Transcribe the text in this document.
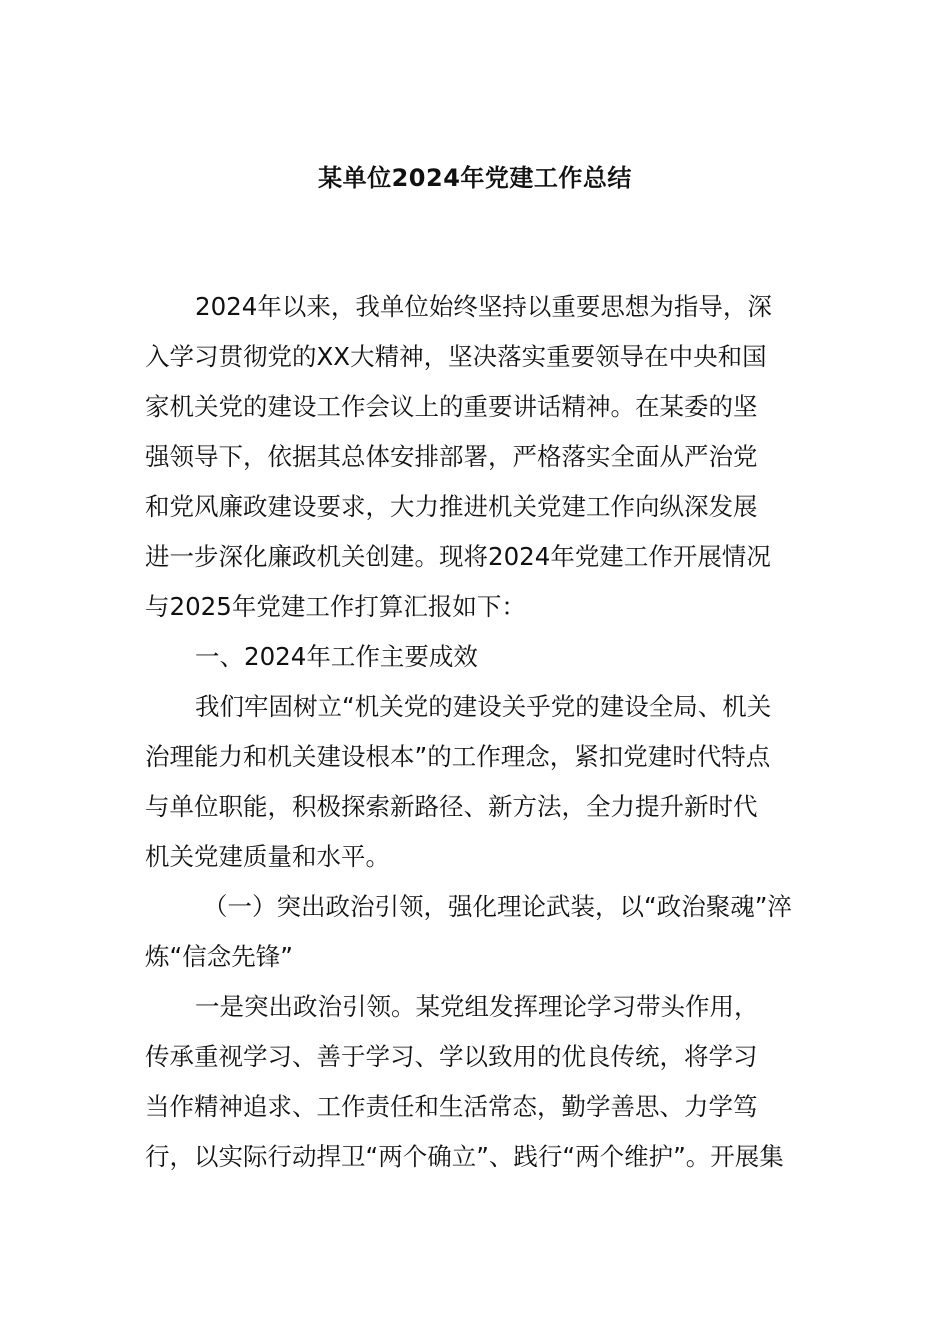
某单位2024年党建工作总结
2024年以来，我单位始终坚持以重要思想为指导，深
入学习贯彻党的XX大精神，坚决落实重要领导在中央和国
家机关党的建设工作会议上的重要讲话精神。在某委的坚
强领导下，依据其总体安排部署，严格落实全面从严治党
和党风廉政建设要求，大力推进机关党建工作向纵深发展
进一步深化廉政机关创建。现将2024年党建工作开展情况
与2025年党建工作打算汇报如下：
一、2024年工作主要成效
我们牢固树立“机关党的建设关乎党的建设全局、机关
治理能力和机关建设根本”的工作理念，紧扣党建时代特点
与单位职能，积极探索新路径、新方法，全力提升新时代
机关党建质量和水平。
（一）突出政治引领，强化理论武装，以“政治聚魂”淬
炼“信念先锋”
一是突出政治引领。某党组发挥理论学习带头作用，
传承重视学习、善于学习、学以致用的优良传统，将学习
当作精神追求、工作责任和生活常态，勤学善思、力学笃
行，以实际行动捍卫“两个确立”、践行“两个维护”。开展集
